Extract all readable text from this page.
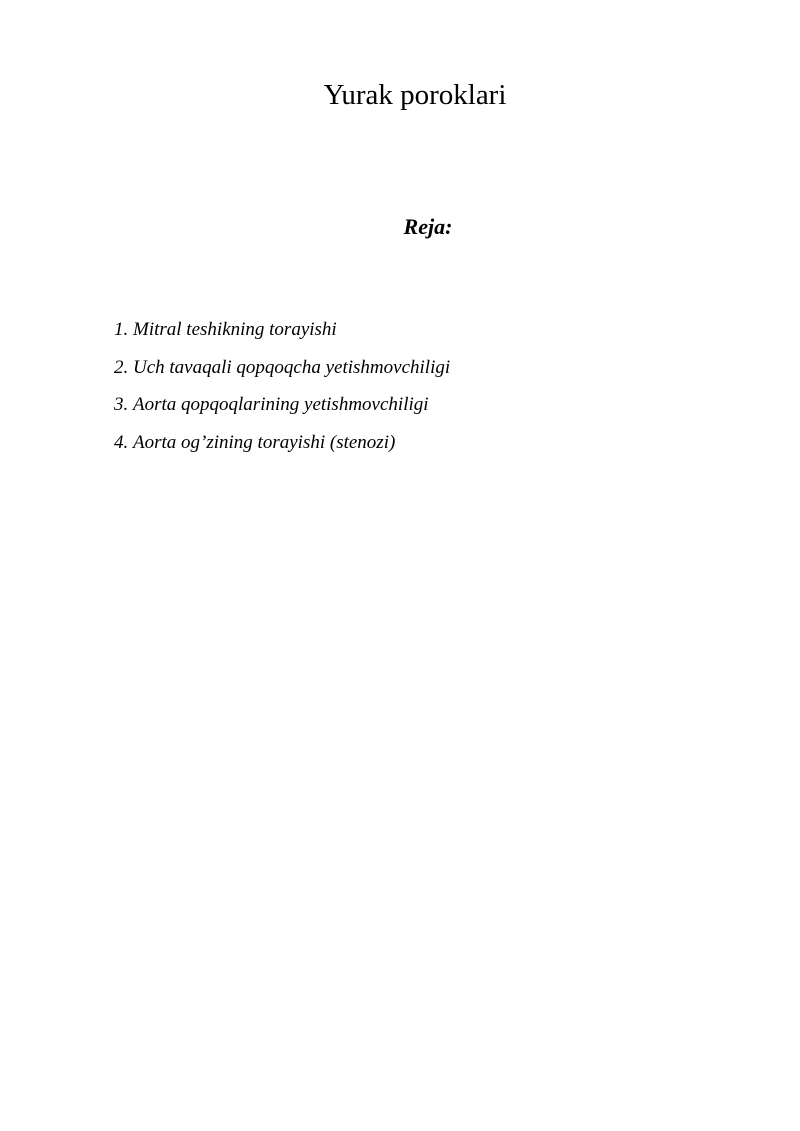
Yurak poroklari
Reja:
1. Mitral teshikning torayishi
2. Uch tavaqali qopqoqcha yetishmovchiligi
3. Aorta qopqoqlarining yetishmovchiligi
4. Aorta og’zining torayishi (stenozi)
